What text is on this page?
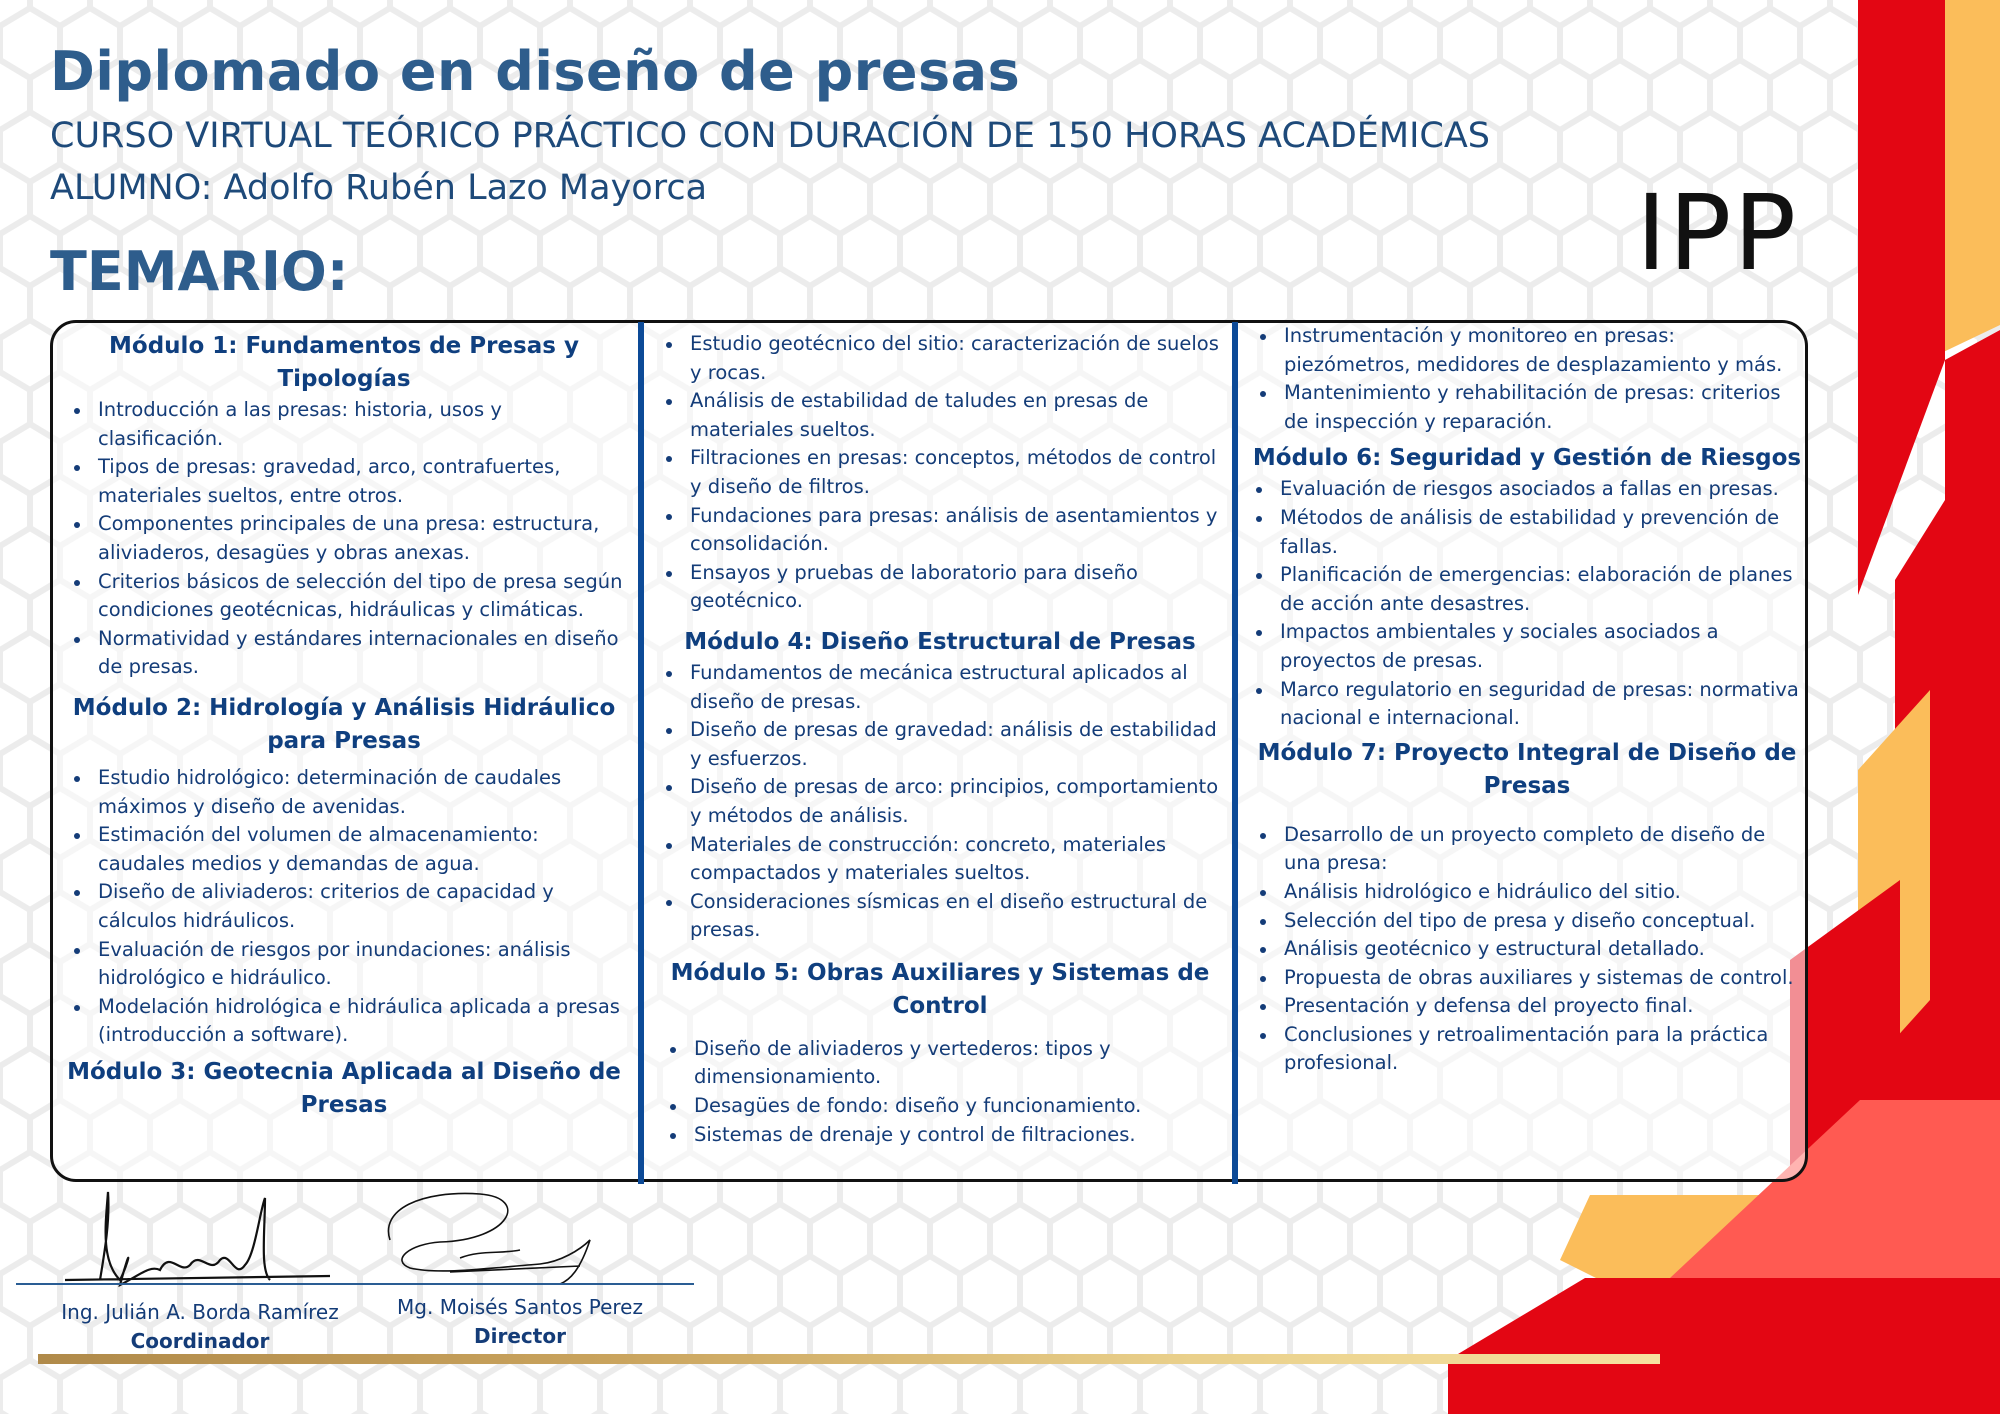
Diplomado en diseño de presas
CURSO VIRTUAL TEÓRICO PRÁCTICO CON DURACIÓN DE 150 HORAS ACADÉMICAS
ALUMNO: Adolfo Rubén Lazo Mayorca
TEMARIO:	IPP

Módulo 1: Fundamentos de Presas y Tipologías

Introducción a las presas: historia, usos y clasificación.
Tipos de presas: gravedad, arco, contrafuertes, materiales sueltos, entre otros.
Componentes principales de una presa: estructura, aliviaderos, desagües y obras anexas.
Criterios básicos de selección del tipo de presa según condiciones geotécnicas, hidráulicas y climáticas.
Normatividad y estándares internacionales en diseño de presas.

Módulo 2: Hidrología y Análisis Hidráulico para Presas

Estudio hidrológico: determinación de caudales máximos y diseño de avenidas.
Estimación del volumen de almacenamiento: caudales medios y demandas de agua.
Diseño de aliviaderos: criterios de capacidad y cálculos hidráulicos.
Evaluación de riesgos por inundaciones: análisis hidrológico e hidráulico.
Modelación hidrológica e hidráulica aplicada a presas (introducción a software).

Módulo 3: Geotecnia Aplicada al Diseño de Presas

Estudio geotécnico del sitio: caracterización de suelos y rocas.
Análisis de estabilidad de taludes en presas de materiales sueltos.
Filtraciones en presas: conceptos, métodos de control y diseño de filtros.
Fundaciones para presas: análisis de asentamientos y consolidación.
Ensayos y pruebas de laboratorio para diseño geotécnico.

Módulo 4: Diseño Estructural de Presas

Fundamentos de mecánica estructural aplicados al diseño de presas.
Diseño de presas de gravedad: análisis de estabilidad y esfuerzos.
Diseño de presas de arco: principios, comportamiento y métodos de análisis.
Materiales de construcción: concreto, materiales compactados y materiales sueltos.
Consideraciones sísmicas en el diseño estructural de presas.

Módulo 5: Obras Auxiliares y Sistemas de Control

Diseño de aliviaderos y vertederos: tipos y dimensionamiento.
Desagües de fondo: diseño y funcionamiento.
Sistemas de drenaje y control de filtraciones.
Instrumentación y monitoreo en presas: piezómetros, medidores de desplazamiento y más.
Mantenimiento y rehabilitación de presas: criterios de inspección y reparación.

Módulo 6: Seguridad y Gestión de Riesgos

Evaluación de riesgos asociados a fallas en presas.
Métodos de análisis de estabilidad y prevención de fallas.
Planificación de emergencias: elaboración de planes de acción ante desastres.
Impactos ambientales y sociales asociados a proyectos de presas.
Marco regulatorio en seguridad de presas: normativa nacional e internacional.

Módulo 7: Proyecto Integral de Diseño de Presas

Desarrollo de un proyecto completo de diseño de una presa:
Análisis hidrológico e hidráulico del sitio.
Selección del tipo de presa y diseño conceptual.
Análisis geotécnico y estructural detallado.
Propuesta de obras auxiliares y sistemas de control.
Presentación y defensa del proyecto final.
Conclusiones y retroalimentación para la práctica profesional.
Ing. Julián A. Borda Ramírez
Coordinador
Mg. Moisés Santos Perez
Director
